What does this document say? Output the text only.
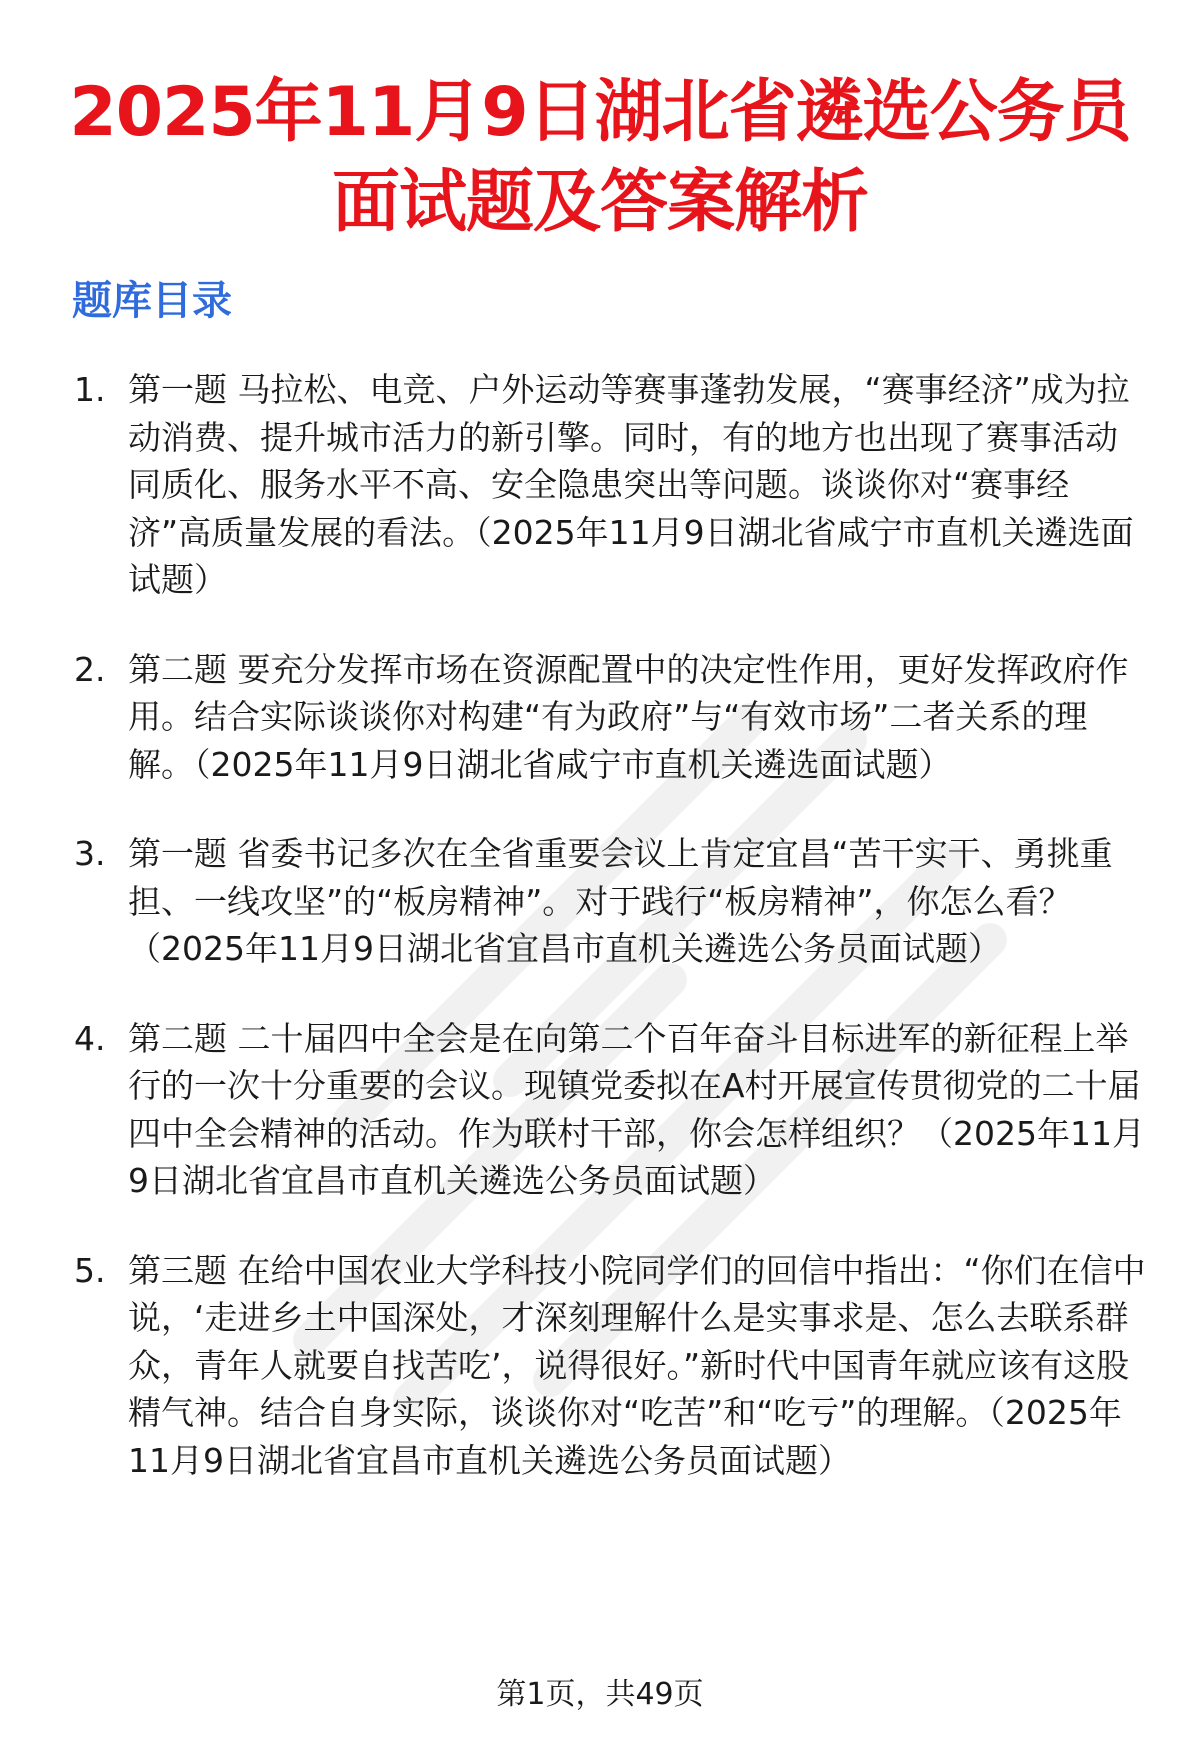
2025年11月9日湖北省遴选公务员
面试题及答案解析
题库目录
1. 第一题 马拉松、电竞、户外运动等赛事蓬勃发展，“赛事经济”成为拉动消费、提升城市活力的新引擎。同时，有的地方也出现了赛事活动同质化、服务水平不高、安全隐患突出等问题。谈谈你对“赛事经济”高质量发展的看法。（2025年11月9日湖北省咸宁市直机关遴选面试题）
2. 第二题 要充分发挥市场在资源配置中的决定性作用，更好发挥政府作用。结合实际谈谈你对构建“有为政府”与“有效市场”二者关系的理解。（2025年11月9日湖北省咸宁市直机关遴选面试题）
3. 第一题 省委书记多次在全省重要会议上肯定宜昌“苦干实干、勇挑重担、一线攻坚”的“板房精神”。对于践行“板房精神”，你怎么看？（2025年11月9日湖北省宜昌市直机关遴选公务员面试题）
4. 第二题 二十届四中全会是在向第二个百年奋斗目标进军的新征程上举行的一次十分重要的会议。现镇党委拟在A村开展宣传贯彻党的二十届四中全会精神的活动。作为联村干部，你会怎样组织？（2025年11月9日湖北省宜昌市直机关遴选公务员面试题）
5. 第三题 在给中国农业大学科技小院同学们的回信中指出：“你们在信中说，‘走进乡土中国深处，才深刻理解什么是实事求是、怎么去联系群众，青年人就要自找苦吃’，说得很好。”新时代中国青年就应该有这股精气神。结合自身实际，谈谈你对“吃苦”和“吃亏”的理解。（2025年11月9日湖北省宜昌市直机关遴选公务员面试题）
第1页，共49页
